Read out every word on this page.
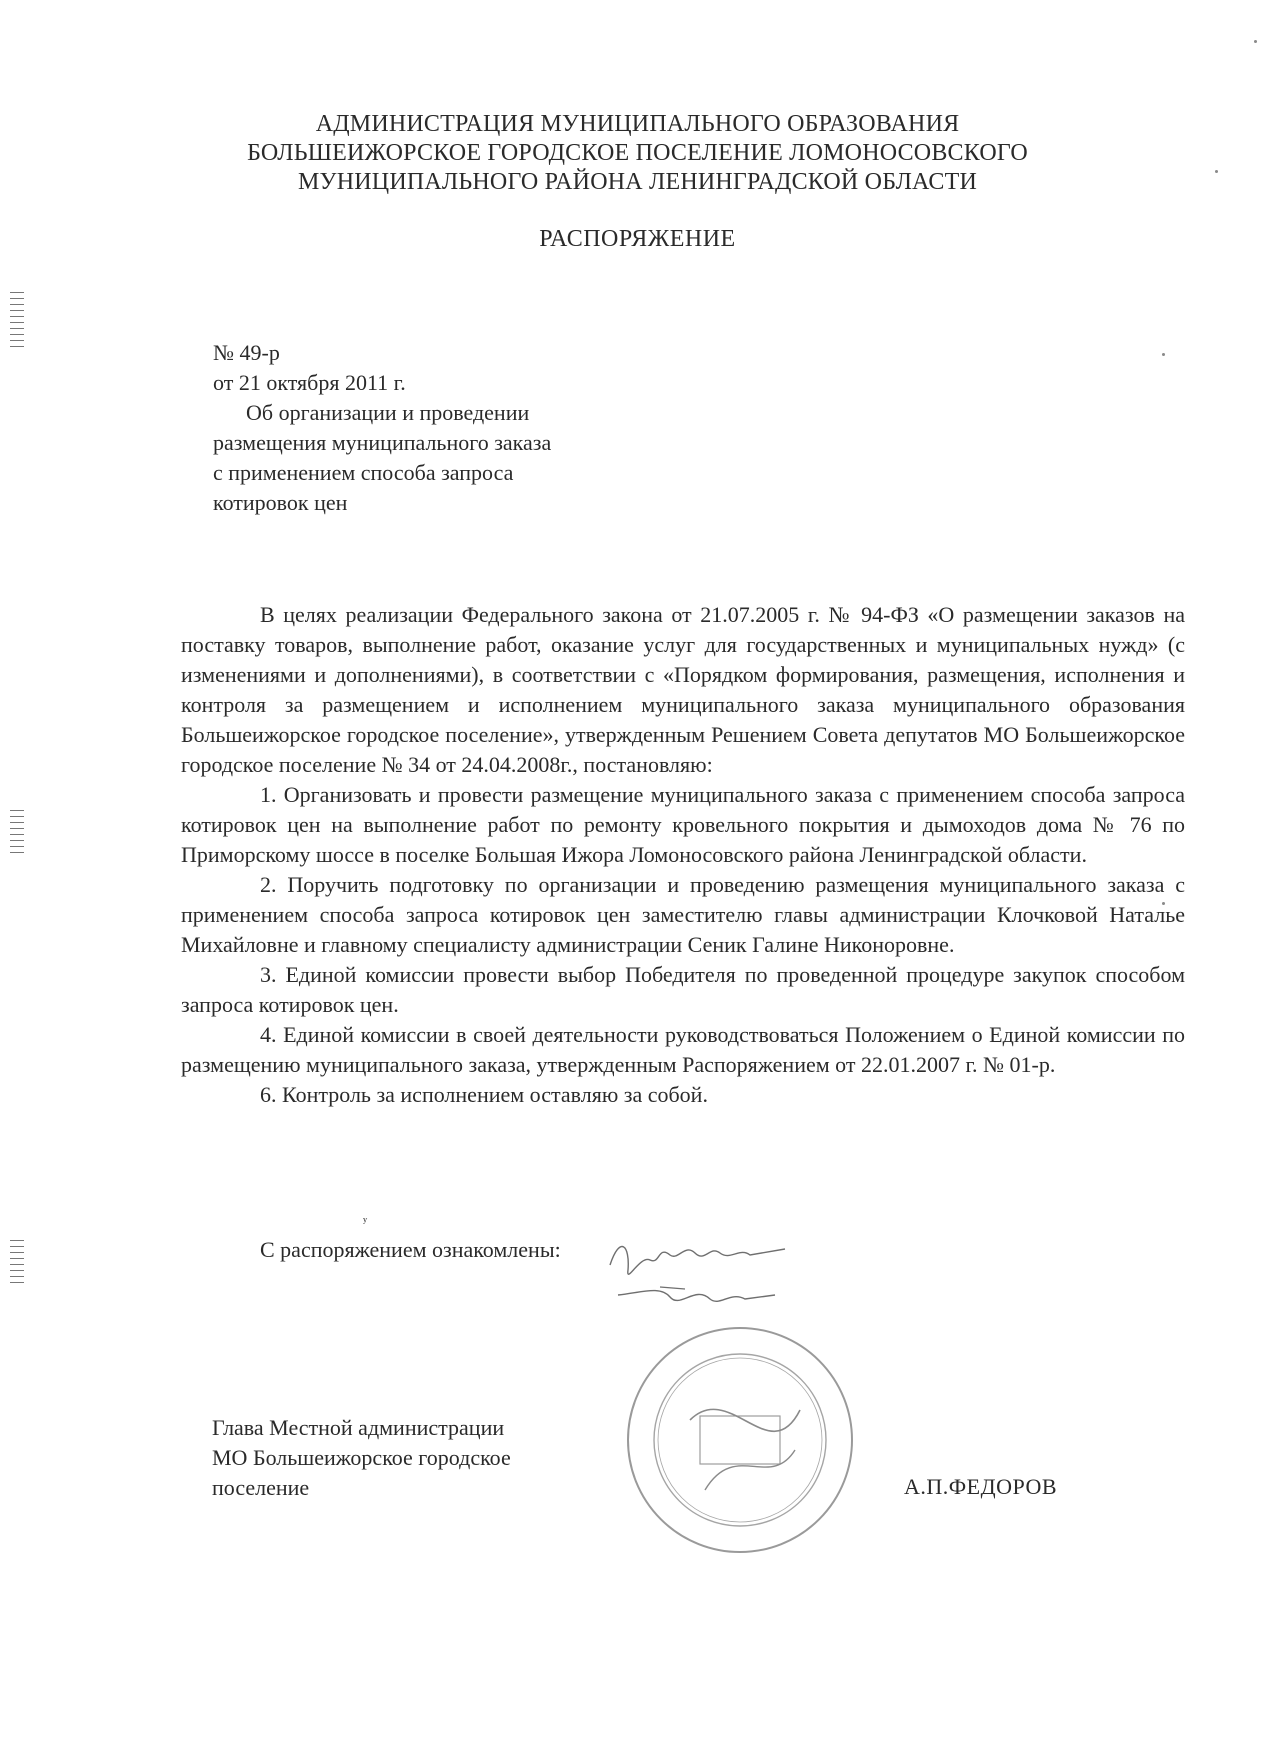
АДМИНИСТРАЦИЯ МУНИЦИПАЛЬНОГО ОБРАЗОВАНИЯ
БОЛЬШЕИЖОРСКОЕ ГОРОДСКОЕ ПОСЕЛЕНИЕ ЛОМОНОСОВСКОГО
МУНИЦИПАЛЬНОГО РАЙОНА ЛЕНИНГРАДСКОЙ ОБЛАСТИ
РАСПОРЯЖЕНИЕ
№ 49-р
от 21 октября 2011 г.
Об организации и проведении
размещения муниципального заказа
с применением способа запроса
котировок цен

В целях реализации Федерального закона от 21.07.2005 г. № 94-ФЗ «О размещении заказов на поставку товаров, выполнение работ, оказание услуг для государственных и муниципальных нужд» (с изменениями и дополнениями), в соответствии с «Порядком формирования, размещения, исполнения и контроля за размещением и исполнением муниципального заказа муниципального образования Большеижорское городское поселение», утвержденным Решением Совета депутатов МО Большеижорское городское поселение № 34 от 24.04.2008г., постановляю:

1. Организовать и провести размещение муниципального заказа с применением способа запроса котировок цен на выполнение работ по ремонту кровельного покрытия и дымоходов дома № 76 по Приморскому шоссе в поселке Большая Ижора Ломоносовского района Ленинградской области.

2. Поручить подготовку по организации и проведению размещения муниципального заказа с применением способа запроса котировок цен заместителю главы администрации Клочковой Наталье Михайловне и главному специалисту администрации Сеник Галине Никоноровне.

3. Единой комиссии провести выбор Победителя по проведенной процедуре закупок способом запроса котировок цен.

4. Единой комиссии в своей деятельности руководствоваться Положением о Единой комиссии по размещению муниципального заказа, утвержденным Распоряжением от 22.01.2007 г. № 01-р.

6. Контроль за исполнением оставляю за собой.

ʸ
С распоряжением ознакомлены:
Глава Местной администрации
МО Большеижорское городское
поселение	А.П.ФЕДОРОВ
